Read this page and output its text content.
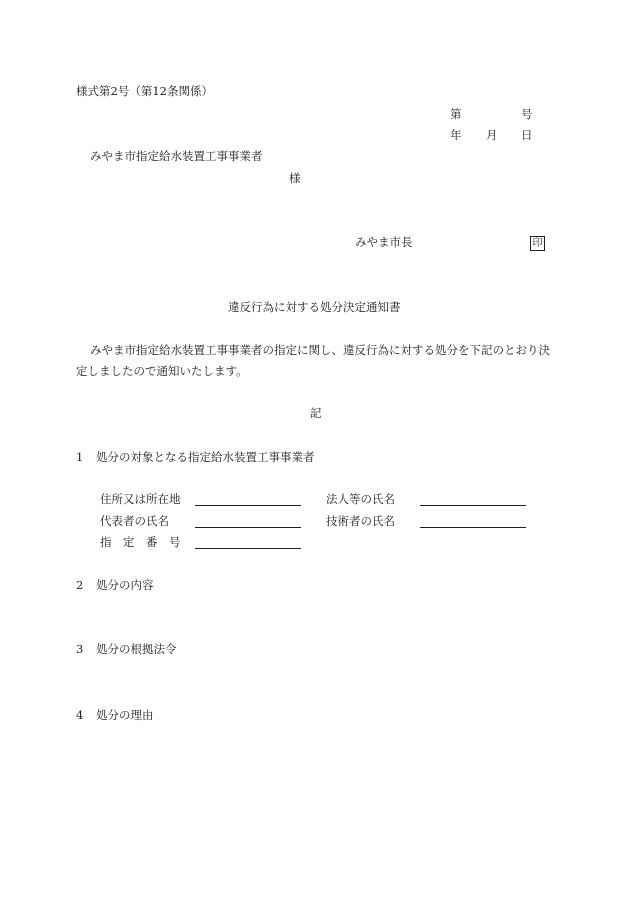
様式第2号（第12条関係）
第	号
年 月 日
みやま市指定給水装置工事事業者
様
みやま市長	印
違反行為に対する処分決定通知書
みやま市指定給水装置工事事業者の指定に関し、違反行為に対する処分を下記のとおり決
定しましたので通知いたします。
記
1 処分の対象となる指定給水装置工事事業者
住所又は所在地	法人等の氏名
代表者の氏名	技術者の氏名
指　定　番　号
2 処分の内容
3 処分の根拠法令
4 処分の理由
